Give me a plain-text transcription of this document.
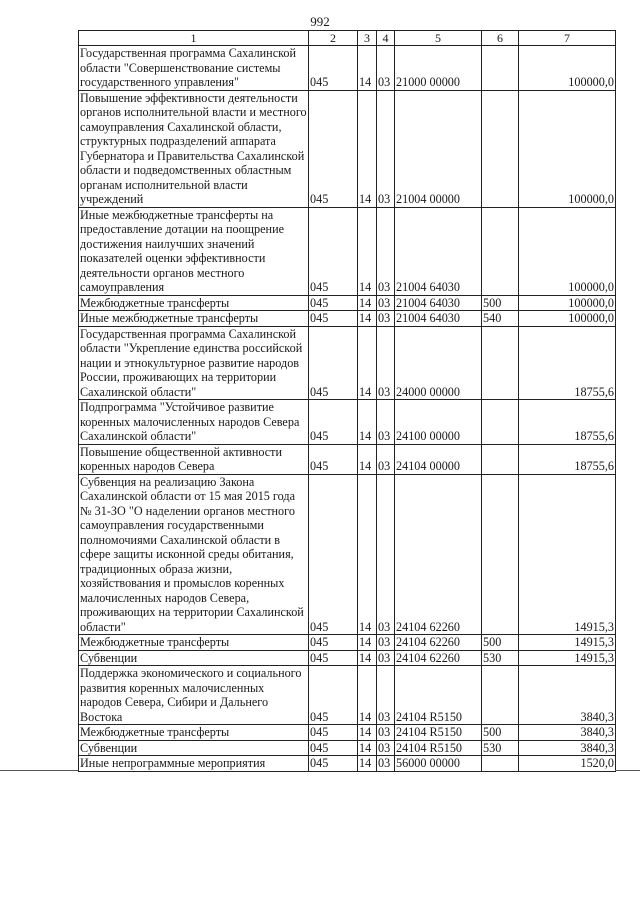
992
1	2	3	4	5	6	7
Государственная программа Сахалинской области "Совершенствование системы государственного управления"	045	14	03	21000 00000		100000,0
Повышение эффективности деятельности органов исполнительной власти и местного самоуправления Сахалинской области, структурных подразделений аппарата Губернатора и Правительства Сахалинской области и подведомственных областным органам исполнительной власти учреждений	045	14	03	21004 00000		100000,0
Иные межбюджетные трансферты на предоставление дотации на поощрение достижения наилучших значений показателей оценки эффективности деятельности органов местного самоуправления	045	14	03	21004 64030		100000,0
Межбюджетные трансферты	045	14	03	21004 64030	500	100000,0
Иные межбюджетные трансферты	045	14	03	21004 64030	540	100000,0
Государственная программа Сахалинской области "Укрепление единства российской нации и этнокультурное развитие народов России, проживающих на территории Сахалинской области"	045	14	03	24000 00000		18755,6
Подпрограмма "Устойчивое развитие коренных малочисленных народов Севера Сахалинской области"	045	14	03	24100 00000		18755,6
Повышение общественной активности коренных народов Севера	045	14	03	24104 00000		18755,6
Субвенция на реализацию Закона Сахалинской области от 15 мая 2015 года № 31-ЗО "О наделении органов местного самоуправления государственными полномочиями Сахалинской области в сфере защиты исконной среды обитания, традиционных образа жизни, хозяйствования и промыслов коренных малочисленных народов Севера, проживающих на территории Сахалинской области"	045	14	03	24104 62260		14915,3
Межбюджетные трансферты	045	14	03	24104 62260	500	14915,3
Субвенции	045	14	03	24104 62260	530	14915,3
Поддержка экономического и социального развития коренных малочисленных народов Севера, Сибири и Дальнего Востока	045	14	03	24104 R5150		3840,3
Межбюджетные трансферты	045	14	03	24104 R5150	500	3840,3
Субвенции	045	14	03	24104 R5150	530	3840,3
Иные непрограммные мероприятия	045	14	03	56000 00000		1520,0
